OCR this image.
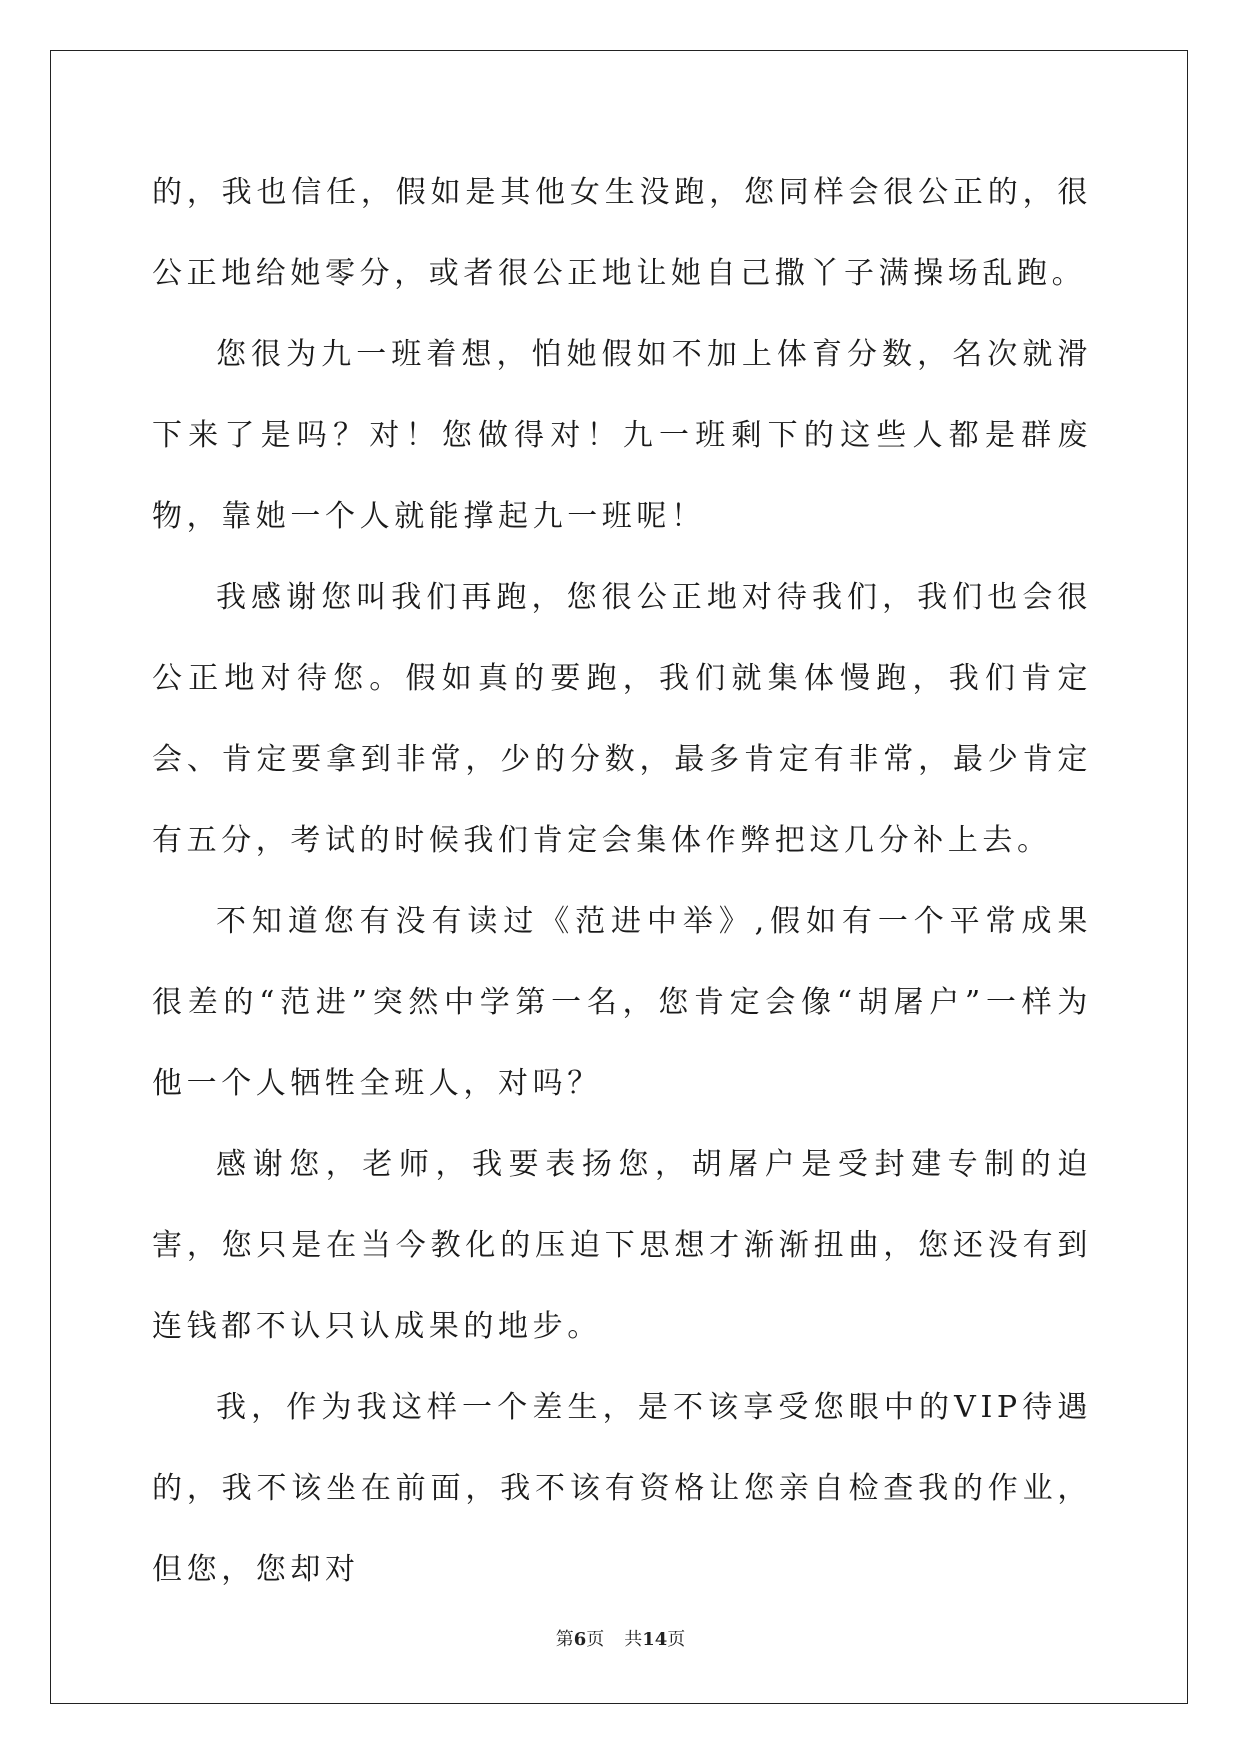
的，我也信任，假如是其他女生没跑，您同样会很公正的，很公正地给她零分，或者很公正地让她自己撒丫子满操场乱跑。

您很为九一班着想，怕她假如不加上体育分数，名次就滑下来了是吗？对！您做得对！九一班剩下的这些人都是群废物，靠她一个人就能撑起九一班呢！

我感谢您叫我们再跑，您很公正地对待我们，我们也会很公正地对待您。假如真的要跑，我们就集体慢跑，我们肯定会、肯定要拿到非常，少的分数，最多肯定有非常，最少肯定有五分，考试的时候我们肯定会集体作弊把这几分补上去。

不知道您有没有读过《范进中举》,假如有一个平常成果很差的“范进”突然中学第一名，您肯定会像“胡屠户”一样为他一个人牺牲全班人，对吗？

感谢您，老师，我要表扬您，胡屠户是受封建专制的迫害，您只是在当今教化的压迫下思想才渐渐扭曲，您还没有到连钱都不认只认成果的地步。

我，作为我这样一个差生，是不该享受您眼中的VIP待遇的，我不该坐在前面，我不该有资格让您亲自检查我的作业，但您，您却对

第6页 共14页
